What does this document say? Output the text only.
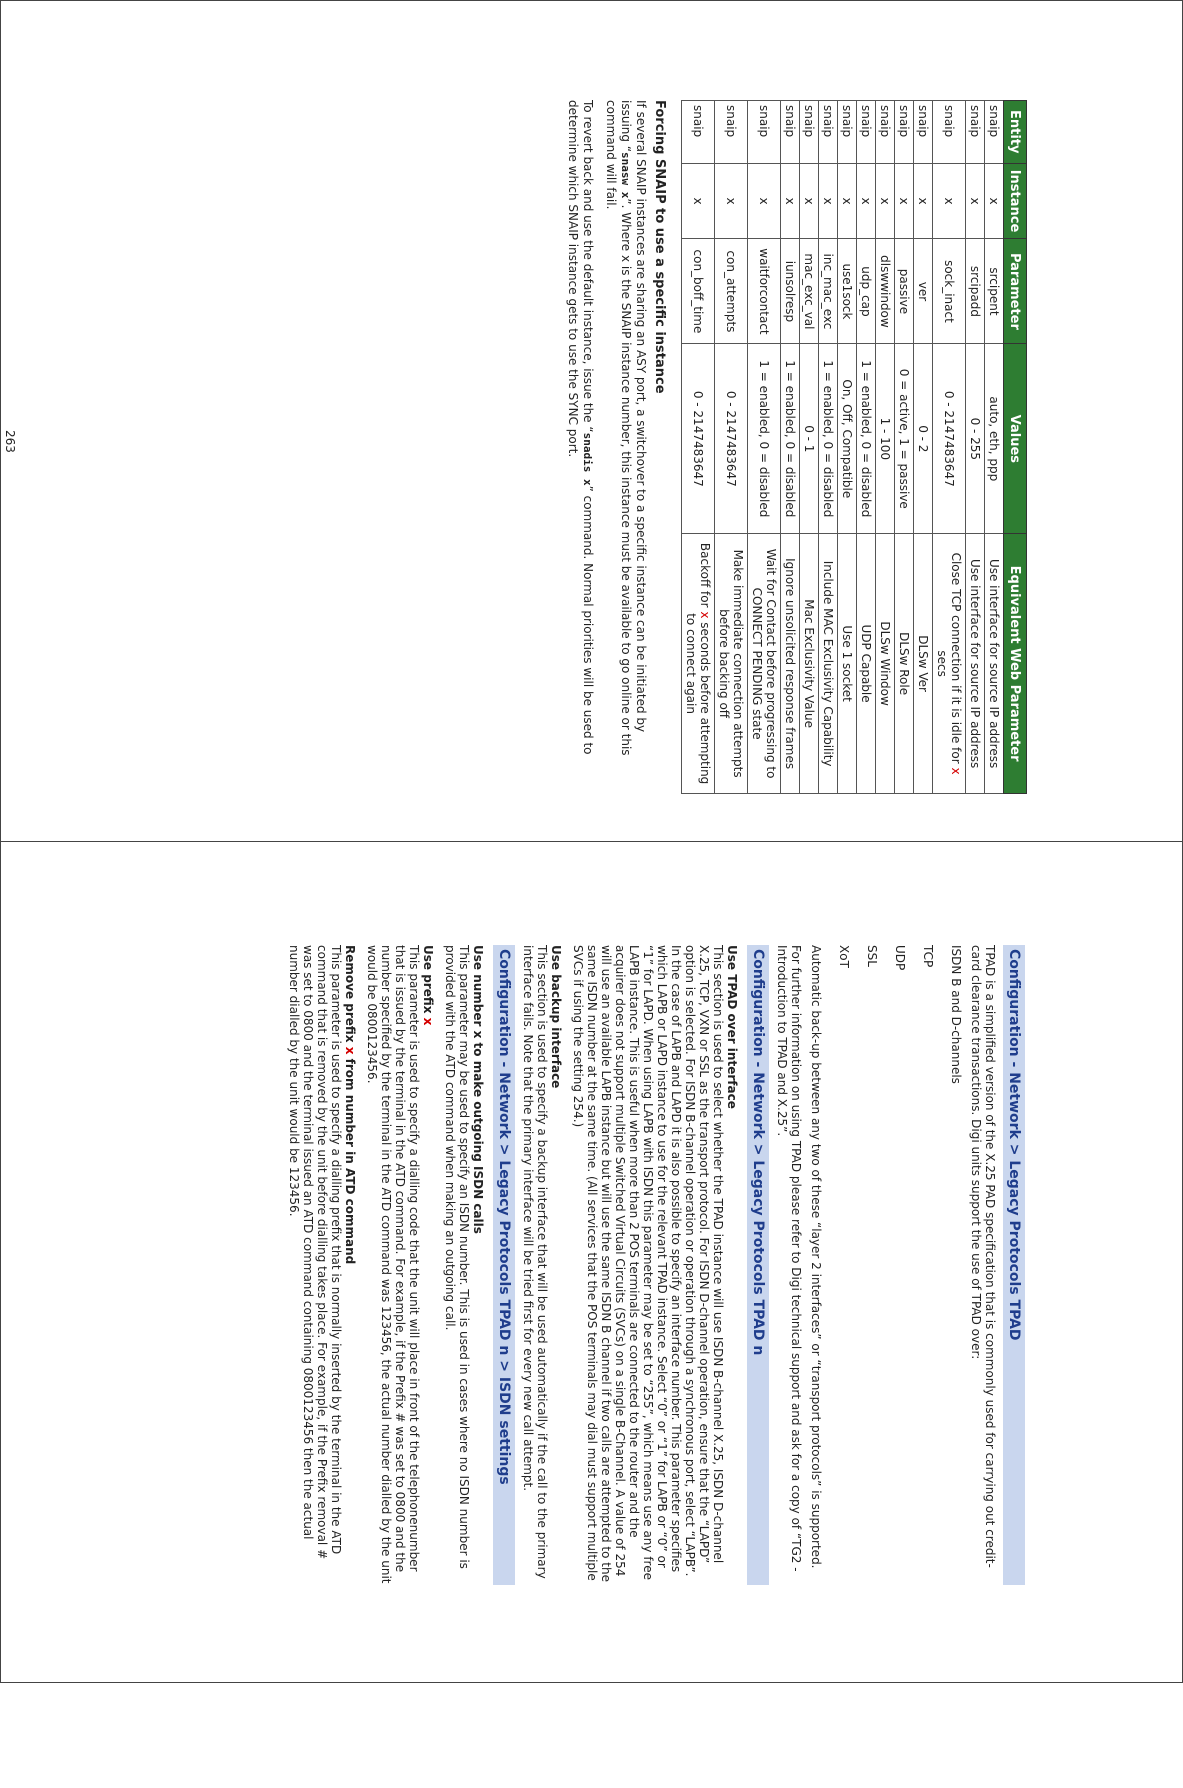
Entity	Instance	Parameter	Values	Equivalent Web Parameter
snaip	x	srcipent	auto, eth, ppp	Use interface for source IP address
snaip	x	srcipadd	0 - 255	Use interface for source IP address
snaip	x	sock_inact	0 - 2147483647	Close TCP connection if it is idle for x secs
snaip	x	ver	0 - 2	DLSw Ver
snaip	x	passive	0 = active, 1 = passive	DLSw Role
snaip	x	dlswwindow	1 - 100	DLSw Window
snaip	x	udp_cap	1 = enabled, 0 = disabled	UDP Capable
snaip	x	use1sock	On, Off, Compatible	Use 1 socket
snaip	x	inc_mac_exc	1 = enabled, 0 = disabled	Include MAC Exclusivity Capability
snaip	x	mac_exc_val	0 - 1	Mac Exclusivity Value
snaip	x	iunsolresp	1 = enabled, 0 = disabled	Ignore unsolicited response frames
snaip	x	waitforcontact	1 = enabled, 0 = disabled	Wait for Contact before progressing to CONNECT PENDING state
snaip	x	con_attempts	0 - 2147483647	Make immediate connection attempts before backing off
snaip	x	con_boff_time	0 - 2147483647	Backoff for x seconds before attempting to connect again
Forcing SNAIP to use a specific instance

If several SNAIP instances are sharing an ASY port, a switchover to a specific instance can be initiated by issuing “snasw x”. Where x is the SNAIP instance number, this instance must be available to go online or this command will fail.

To revert back and use the default instance, issue the “snadis x” command. Normal priorities will be used to determine which SNAIP instance gets to use the SYNC port.

263
Configuration - Network > Legacy Protocols TPAD

TPAD is a simplified version of the X.25 PAD specification that is commonly used for carrying out credit-card clearance transactions. Digi units support the use of TPAD over:

ISDN B and D-channels
TCP
UDP
SSL
XoT

Automatic back-up between any two of these “layer 2 interfaces” or “transport protocols” is supported.

For further information on using TPAD please refer to Digi technical support and ask for a copy of “TG2 - Introduction to TPAD and X.25”.

Configuration - Network > Legacy Protocols TPAD n
Use TPAD over interface

This section is used to select whether the TPAD instance will use ISDN B-channel X.25, ISDN D-channel X.25, TCP, VXN or SSL as the transport protocol. For ISDN D-channel operation, ensure that the “LAPD” option is selected. For ISDN B-channel operation or operation through a synchronous port, select “LAPB”. In the case of LAPB and LAPD it is also possible to specify an interface number. This parameter specifies which LAPB or LAPD instance to use for the relevant TPAD instance. Select “0” or “1” for LAPB or “0” or “1” for LAPD. When using LAPB with ISDN this parameter may be set to “255”, which means use any free LAPB instance. This is useful when more than 2 POS terminals are connected to the router and the acquirer does not support multiple Switched Virtual Circuits (SVCs) on a single B-Channel. A value of 254 will use an available LAPB instance but will use the same ISDN B channel if two calls are attempted to the same ISDN number at the same time. (All services that the POS terminals may dial must support multiple SVCs if using the setting 254.)

Use backup interface

This section is used to specify a backup interface that will be used automatically if the call to the primary interface fails. Note that the primary interface will be tried first for every new call attempt.

Configuration - Network > Legacy Protocols TPAD n > ISDN settings
Use number x to make outgoing ISDN calls

This parameter may be used to specify an ISDN number. This is used in cases where no ISDN number is provided with the ATD command when making an outgoing call.

Use prefix x

This parameter is used to specify a dialling code that the unit will place in front of the telephonenumber that is issued by the terminal in the ATD command. For example, if the Prefix # was set to 0800 and the number specified by the terminal in the ATD command was 123456, the actual number dialled by the unit would be 0800123456.

Remove prefix x from number in ATD command

This parameter is used to specify a dialling prefix that is normally inserted by the terminal in the ATD command that is removed by the unit before dialling takes place. For example, if the Prefix removal # was set to 0800 and the terminal issued an ATD command containing 0800123456 then the actual number dialled by the unit would be 123456.
